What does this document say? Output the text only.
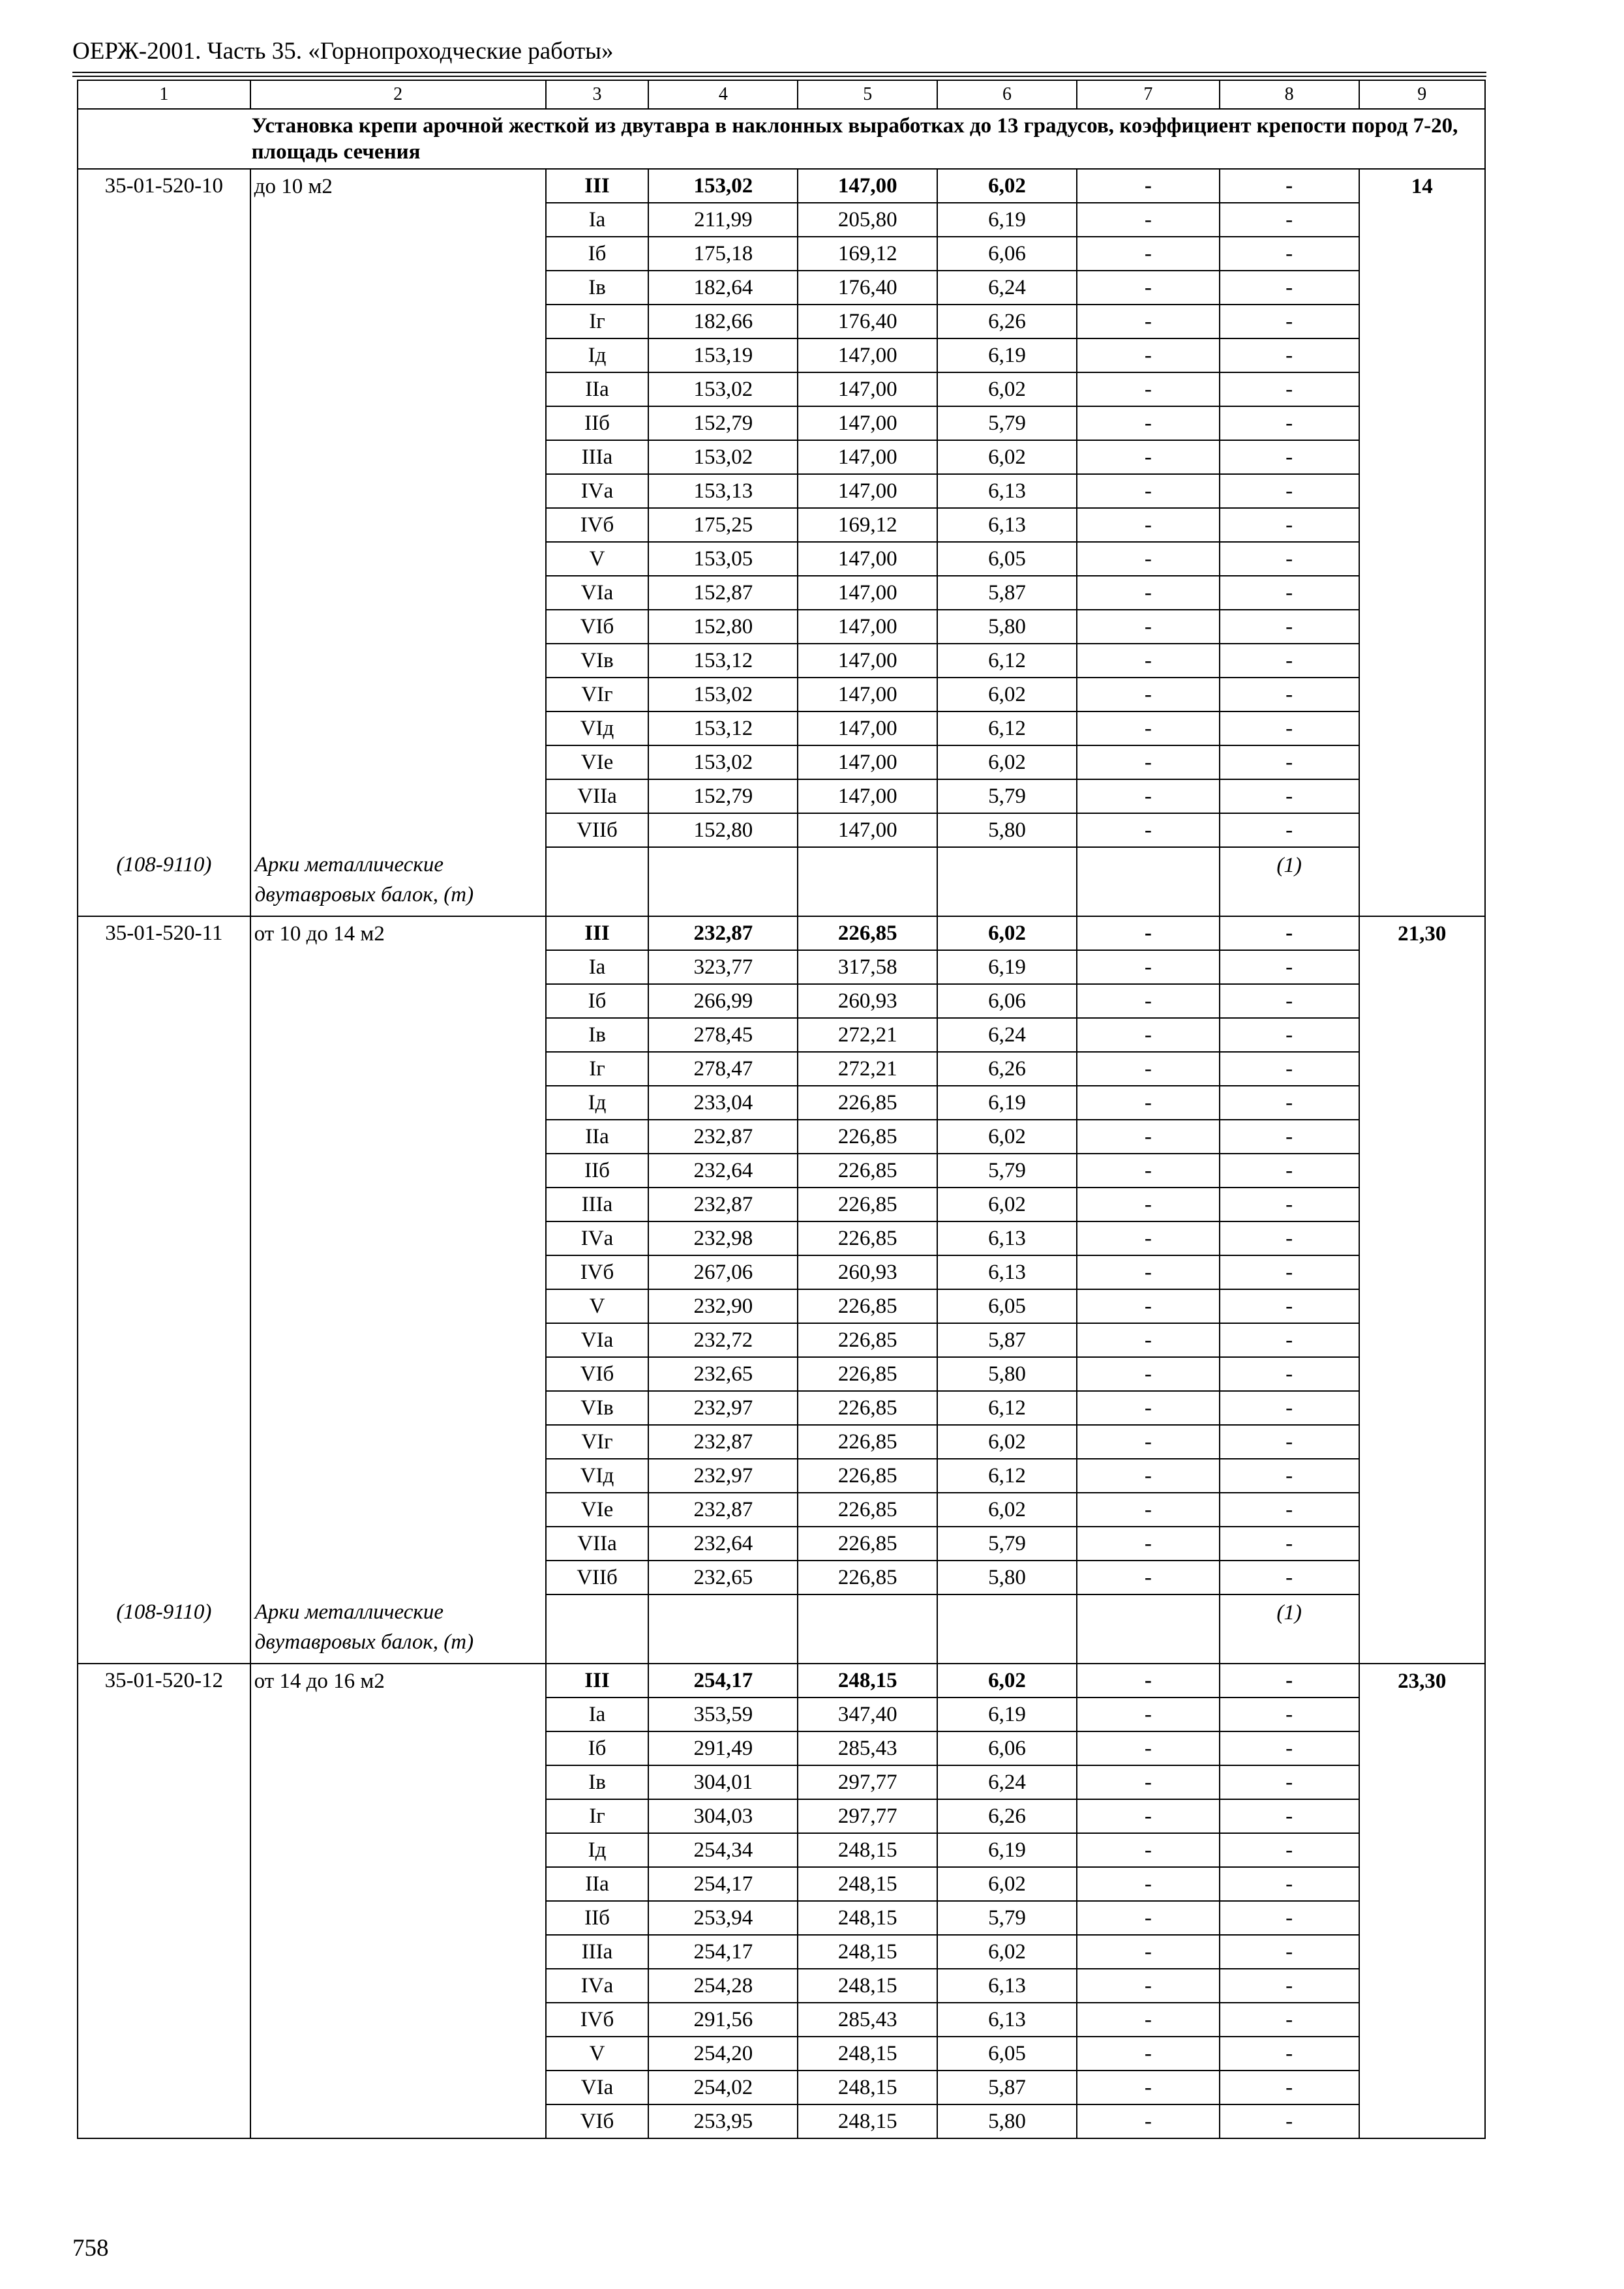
ОЕРЖ-2001. Часть 35. «Горнопроходческие работы»
1	2	3	4	5	6	7	8	9
	Установка крепи арочной жесткой из двутавра в наклонных выработках до 13 градусов, коэффициент крепости пород 7-20, площадь сечения							
35-01-520-10	до 10 м2	III	153,02	147,00	6,02	-	-	14
		Iа	211,99	205,80	6,19	-	-	
		Iб	175,18	169,12	6,06	-	-	
		Iв	182,64	176,40	6,24	-	-	
		Iг	182,66	176,40	6,26	-	-	
		Iд	153,19	147,00	6,19	-	-	
		IIа	153,02	147,00	6,02	-	-	
		IIб	152,79	147,00	5,79	-	-	
		IIIа	153,02	147,00	6,02	-	-	
		IVа	153,13	147,00	6,13	-	-	
		IVб	175,25	169,12	6,13	-	-	
		V	153,05	147,00	6,05	-	-	
		VIа	152,87	147,00	5,87	-	-	
		VIб	152,80	147,00	5,80	-	-	
		VIв	153,12	147,00	6,12	-	-	
		VIг	153,02	147,00	6,02	-	-	
		VIд	153,12	147,00	6,12	-	-	
		VIе	153,02	147,00	6,02	-	-	
		VIIа	152,79	147,00	5,79	-	-	
		VIIб	152,80	147,00	5,80	-	-	
(108-9110)	Арки металлические двутавровых балок, (т)						(1)	
35-01-520-11	от 10 до 14 м2	III	232,87	226,85	6,02	-	-	21,30
		Iа	323,77	317,58	6,19	-	-	
		Iб	266,99	260,93	6,06	-	-	
		Iв	278,45	272,21	6,24	-	-	
		Iг	278,47	272,21	6,26	-	-	
		Iд	233,04	226,85	6,19	-	-	
		IIа	232,87	226,85	6,02	-	-	
		IIб	232,64	226,85	5,79	-	-	
		IIIа	232,87	226,85	6,02	-	-	
		IVа	232,98	226,85	6,13	-	-	
		IVб	267,06	260,93	6,13	-	-	
		V	232,90	226,85	6,05	-	-	
		VIа	232,72	226,85	5,87	-	-	
		VIб	232,65	226,85	5,80	-	-	
		VIв	232,97	226,85	6,12	-	-	
		VIг	232,87	226,85	6,02	-	-	
		VIд	232,97	226,85	6,12	-	-	
		VIе	232,87	226,85	6,02	-	-	
		VIIа	232,64	226,85	5,79	-	-	
		VIIб	232,65	226,85	5,80	-	-	
(108-9110)	Арки металлические двутавровых балок, (т)						(1)	
35-01-520-12	от 14 до 16 м2	III	254,17	248,15	6,02	-	-	23,30
		Iа	353,59	347,40	6,19	-	-	
		Iб	291,49	285,43	6,06	-	-	
		Iв	304,01	297,77	6,24	-	-	
		Iг	304,03	297,77	6,26	-	-	
		Iд	254,34	248,15	6,19	-	-	
		IIа	254,17	248,15	6,02	-	-	
		IIб	253,94	248,15	5,79	-	-	
		IIIа	254,17	248,15	6,02	-	-	
		IVа	254,28	248,15	6,13	-	-	
		IVб	291,56	285,43	6,13	-	-	
		V	254,20	248,15	6,05	-	-	
		VIа	254,02	248,15	5,87	-	-	
		VIб	253,95	248,15	5,80	-	-	
758
